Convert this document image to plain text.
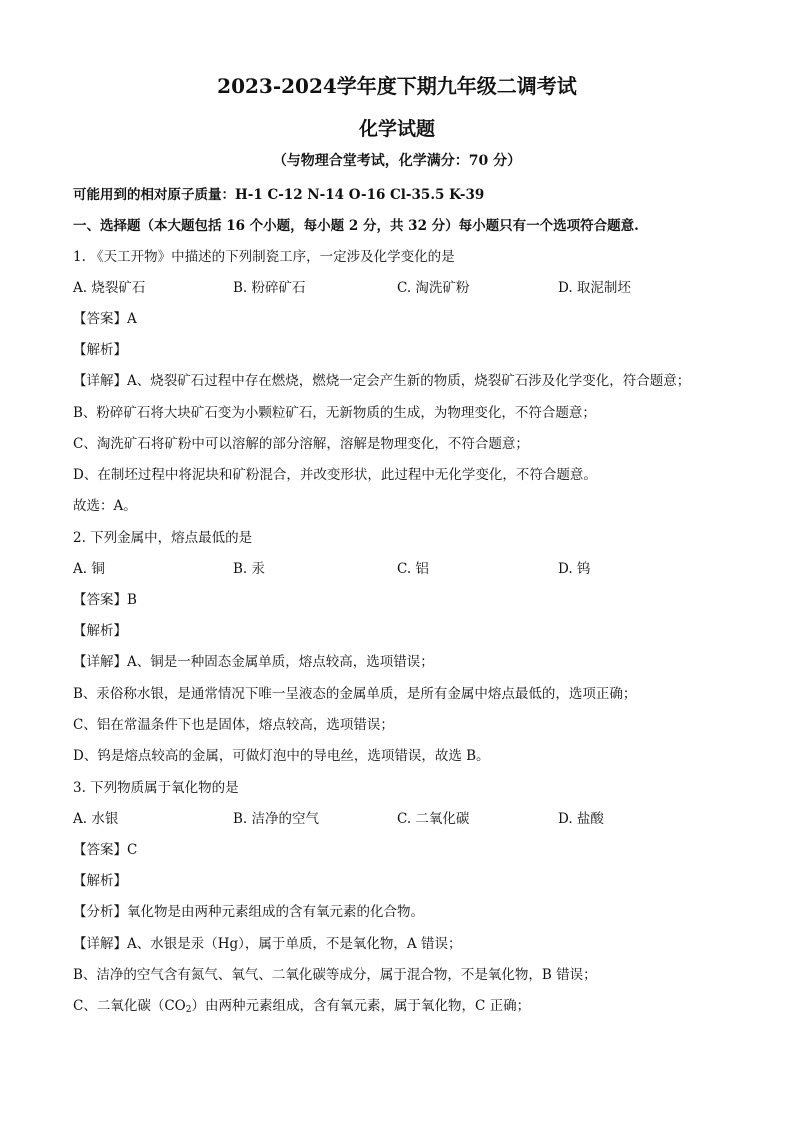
2023-2024学年度下期九年级二调考试
化学试题
（与物理合堂考试，化学满分：70 分）
可能用到的相对原子质量：H-1 C-12 N-14 O-16 Cl-35.5 K-39
一、选择题（本大题包括 16 个小题，每小题 2 分，共 32 分）每小题只有一个选项符合题意.
1. 《天工开物》中描述的下列制瓷工序，一定涉及化学变化的是
A. 烧裂矿石	B. 粉碎矿石	C. 淘洗矿粉	D. 取泥制坯
【答案】A
【解析】
【详解】A、烧裂矿石过程中存在燃烧，燃烧一定会产生新的物质，烧裂矿石涉及化学变化，符合题意；
B、粉碎矿石将大块矿石变为小颗粒矿石，无新物质的生成，为物理变化，不符合题意；
C、淘洗矿石将矿粉中可以溶解的部分溶解，溶解是物理变化，不符合题意；
D、在制坯过程中将泥块和矿粉混合，并改变形状，此过程中无化学变化，不符合题意。
故选：A。
2. 下列金属中，熔点最低的是
A. 铜	B. 汞	C. 铝	D. 钨
【答案】B
【解析】
【详解】A、铜是一种固态金属单质，熔点较高，选项错误；
B、汞俗称水银，是通常情况下唯一呈液态的金属单质，是所有金属中熔点最低的，选项正确；
C、铝在常温条件下也是固体，熔点较高，选项错误；
D、钨是熔点较高的金属，可做灯泡中的导电丝，选项错误，故选 B。
3. 下列物质属于氧化物的是
A. 水银	B. 洁净的空气	C. 二氧化碳	D. 盐酸
【答案】C
【解析】
【分析】氧化物是由两种元素组成的含有氧元素的化合物。
【详解】A、水银是汞（Hg），属于单质，不是氧化物，A 错误；
B、洁净的空气含有氮气、氧气、二氧化碳等成分，属于混合物，不是氧化物，B 错误；
C、二氧化碳$(CO_2)$由两种元素组成，含有氧元素，属于氧化物，C 正确；
